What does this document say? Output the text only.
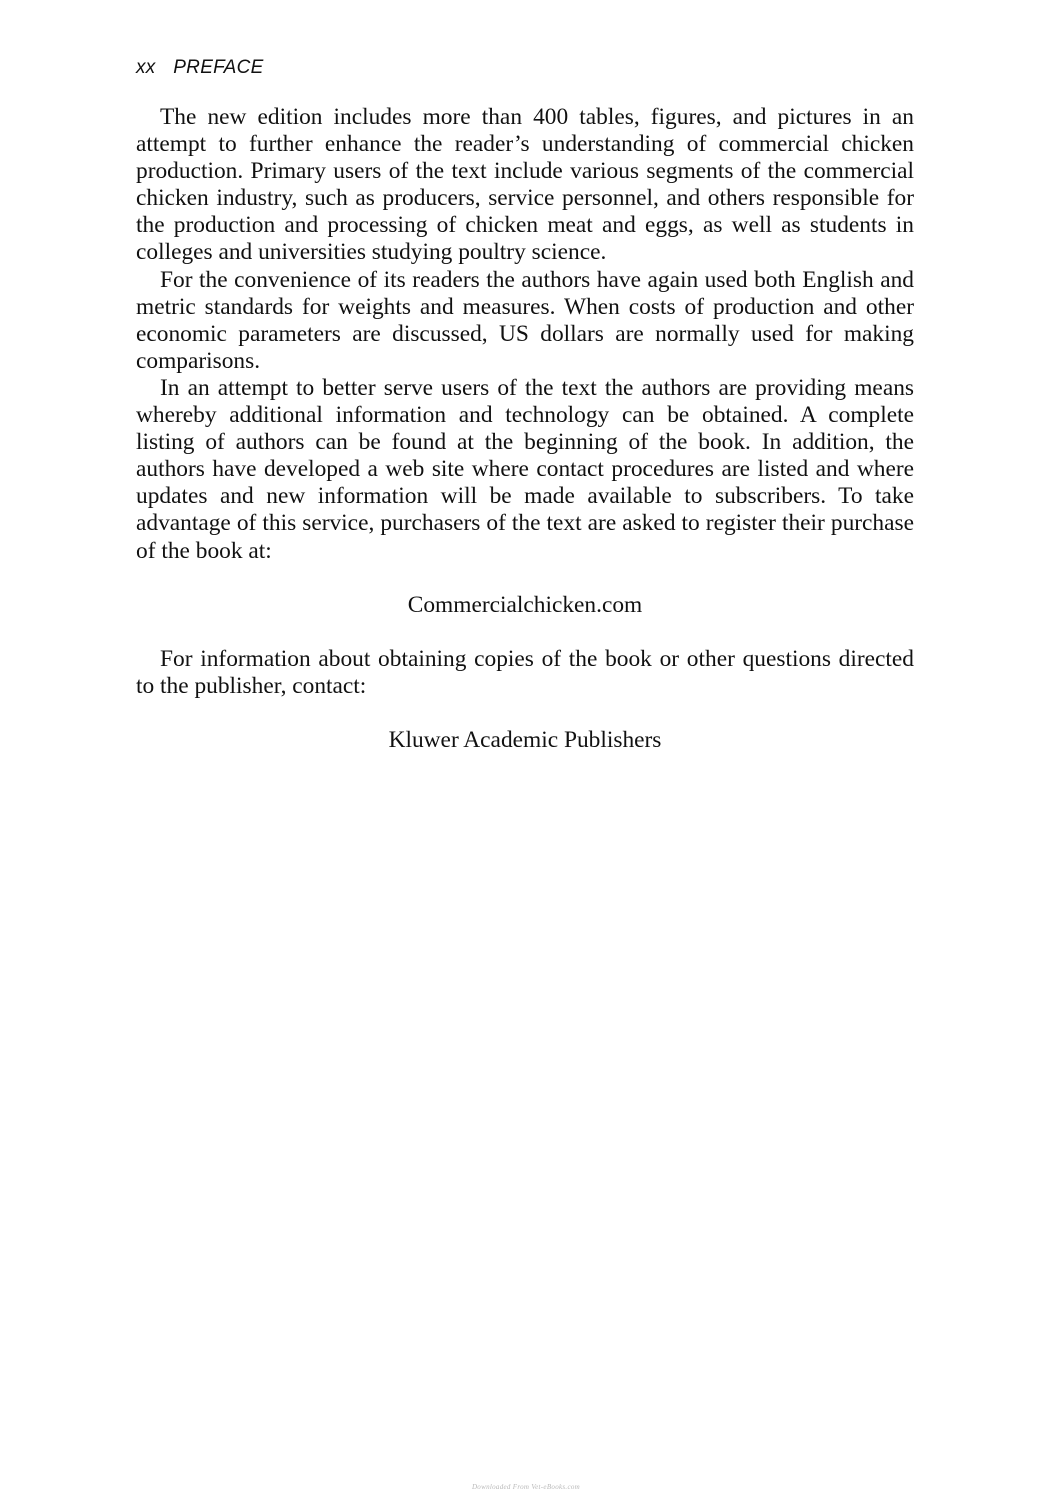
xx PREFACE

The new edition includes more than 400 tables, figures, and pictures in an attempt to further enhance the reader’s understanding of commercial chicken production. Primary users of the text include various segments of the commercial chicken industry, such as producers, service personnel, and others responsible for the production and processing of chicken meat and eggs, as well as students in colleges and universities studying poultry science.

For the convenience of its readers the authors have again used both English and metric standards for weights and measures. When costs of production and other economic parameters are discussed, US dollars are normally used for making comparisons.

In an attempt to better serve users of the text the authors are providing means whereby additional information and technology can be obtained. A complete listing of authors can be found at the beginning of the book. In addition, the authors have developed a web site where contact procedures are listed and where updates and new information will be made available to subscribers. To take advantage of this service, purchasers of the text are asked to register their purchase of the book at:

Commercialchicken.com

For information about obtaining copies of the book or other questions directed to the publisher, contact:

Kluwer Academic Publishers

Downloaded From Vet-eBooks.com
